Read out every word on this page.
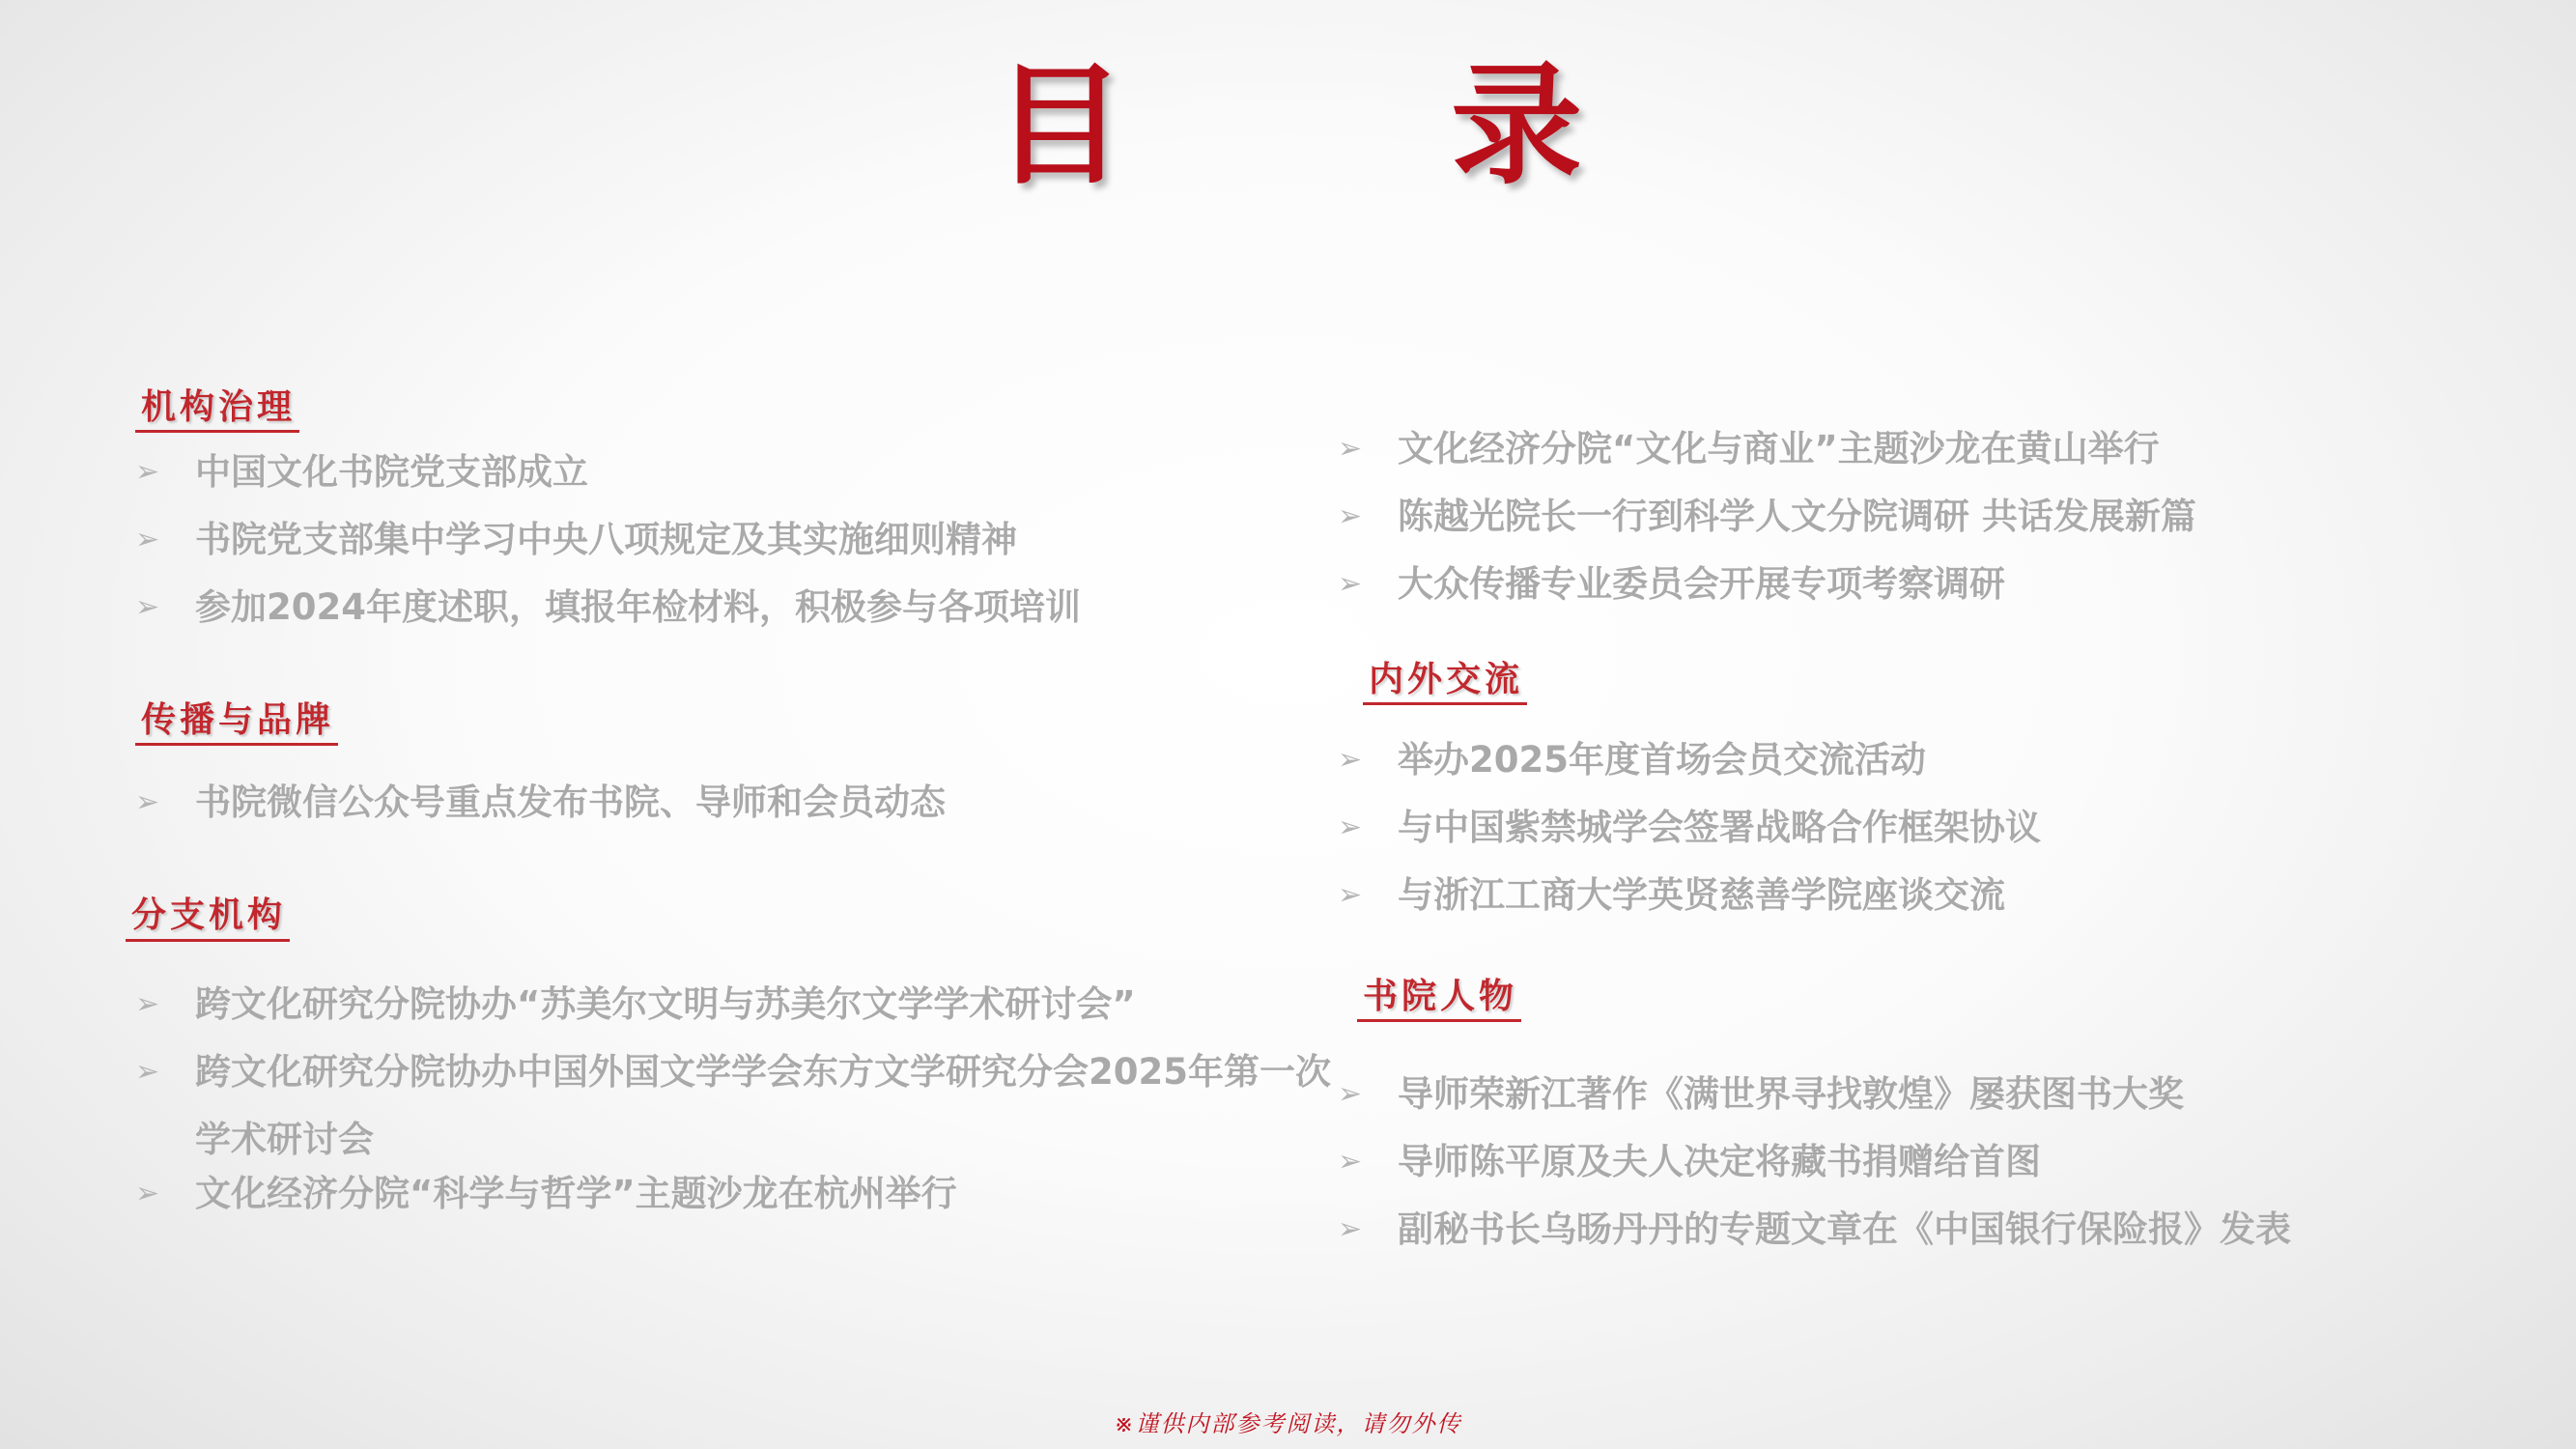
目 录
机构治理
➢ 中国文化书院党支部成立
➢ 书院党支部集中学习中央八项规定及其实施细则精神
➢ 参加2024年度述职，填报年检材料，积极参与各项培训
传播与品牌
➢ 书院微信公众号重点发布书院、导师和会员动态
分支机构
➢ 跨文化研究分院协办“苏美尔文明与苏美尔文学学术研讨会”
➢ 跨文化研究分院协办中国外国文学学会东方文学研究分会2025年第一次学术研讨会
➢ 文化经济分院“科学与哲学”主题沙龙在杭州举行
➢ 文化经济分院“文化与商业”主题沙龙在黄山举行
➢ 陈越光院长一行到科学人文分院调研 共话发展新篇
➢ 大众传播专业委员会开展专项考察调研
内外交流
➢ 举办2025年度首场会员交流活动
➢ 与中国紫禁城学会签署战略合作框架协议
➢ 与浙江工商大学英贤慈善学院座谈交流
书院人物
➢ 导师荣新江著作《满世界寻找敦煌》屡获图书大奖
➢ 导师陈平原及夫人决定将藏书捐赠给首图
➢ 副秘书长乌旸丹丹的专题文章在《中国银行保险报》发表
※谨供内部参考阅读，请勿外传
